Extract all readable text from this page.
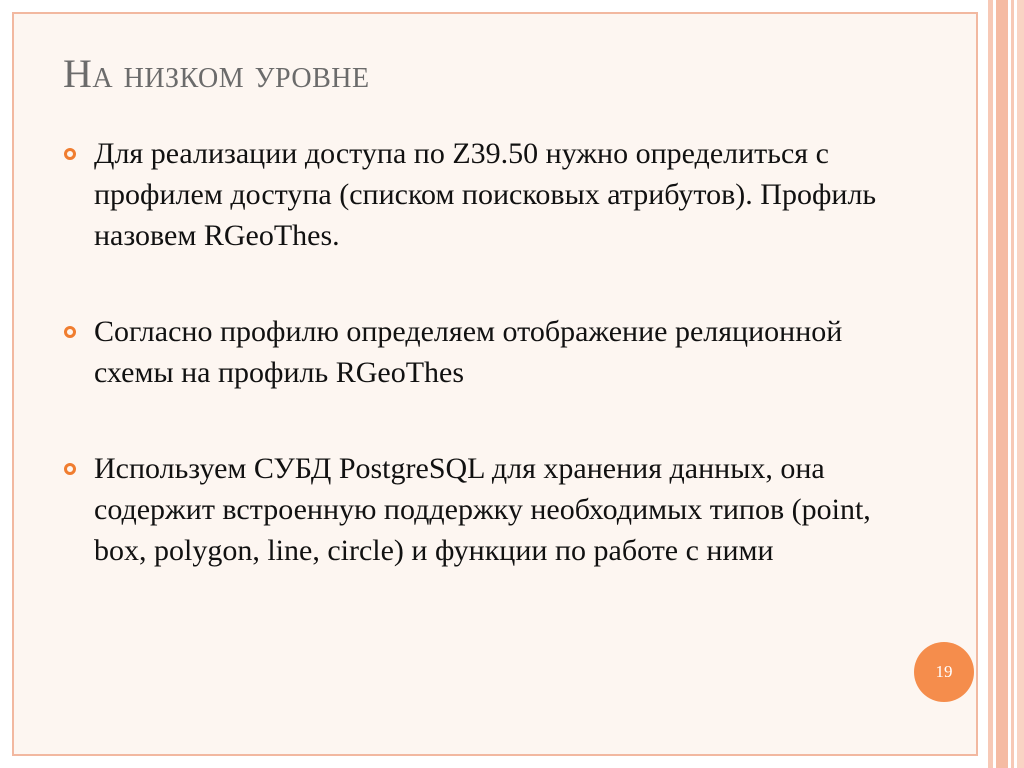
На низком уровне
Для реализации доступа по Z39.50 нужно определиться с профилем доступа (списком поисковых атрибутов). Профиль назовем RGeoThes.
Согласно профилю определяем отображение реляционной схемы на профиль RGeoThes
Используем СУБД PostgreSQL для хранения данных, она содержит встроенную поддержку необходимых типов (point, box, polygon, line, circle) и функции по работе с ними
19
